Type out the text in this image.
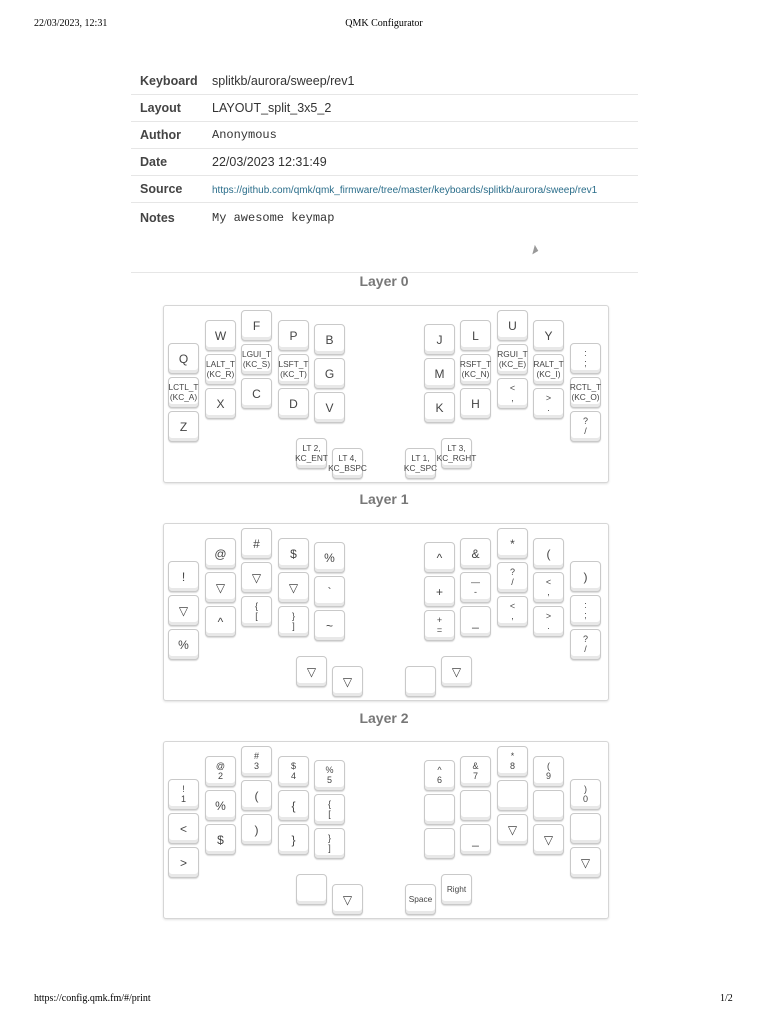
22/03/2023, 12:31	QMK Configurator
Keyboard	splitkb/aurora/sweep/rev1
Layout	LAYOUT_split_3x5_2
Author	Anonymous
Date	22/03/2023 12:31:49
Source	https://github.com/qmk/qmk_firmware/tree/master/keyboards/splitkb/aurora/sweep/rev1
Notes	My awesome keymap
◢
Layer 0
Q
W
F
P	B	J	L
U
Y
:
;
LCTL_T
(KC_A)
LALT_T
(KC_R)
LGUI_T
(KC_S) LSFT_T
(KC_T)	G	M
RSFT_T
(KC_N)
RGUI_T
(KC_E) RALT_T
(KC_I)
RCTL_T
(KC_O)
Z
X
C
D	V	K	H
<
,	>
.
?
/
LT 2,
KC_ENT	LT 4,
KC_BSPC
LT 1,
KC_SPC
LT 3,
KC_RGHT
Layer 1
!
@
#
$	%	^	&
*
(
)
▽
▽
▽
▽	`	+
—
-
?
/	<
,
:
;
%
^
{
[	}
]	~	+
=
_
<
,	>
.
?
/
▽
▽
▽
Layer 2
!
1
@
2
#
3	$
4
%
5
^
6
&
7
*
8	(
9
)
0
<
%
(
{	{
[
>
$
)
}	}
]
_
▽
▽
▽
▽	Space
Right
https://config.qmk.fm/#/print	1/2
